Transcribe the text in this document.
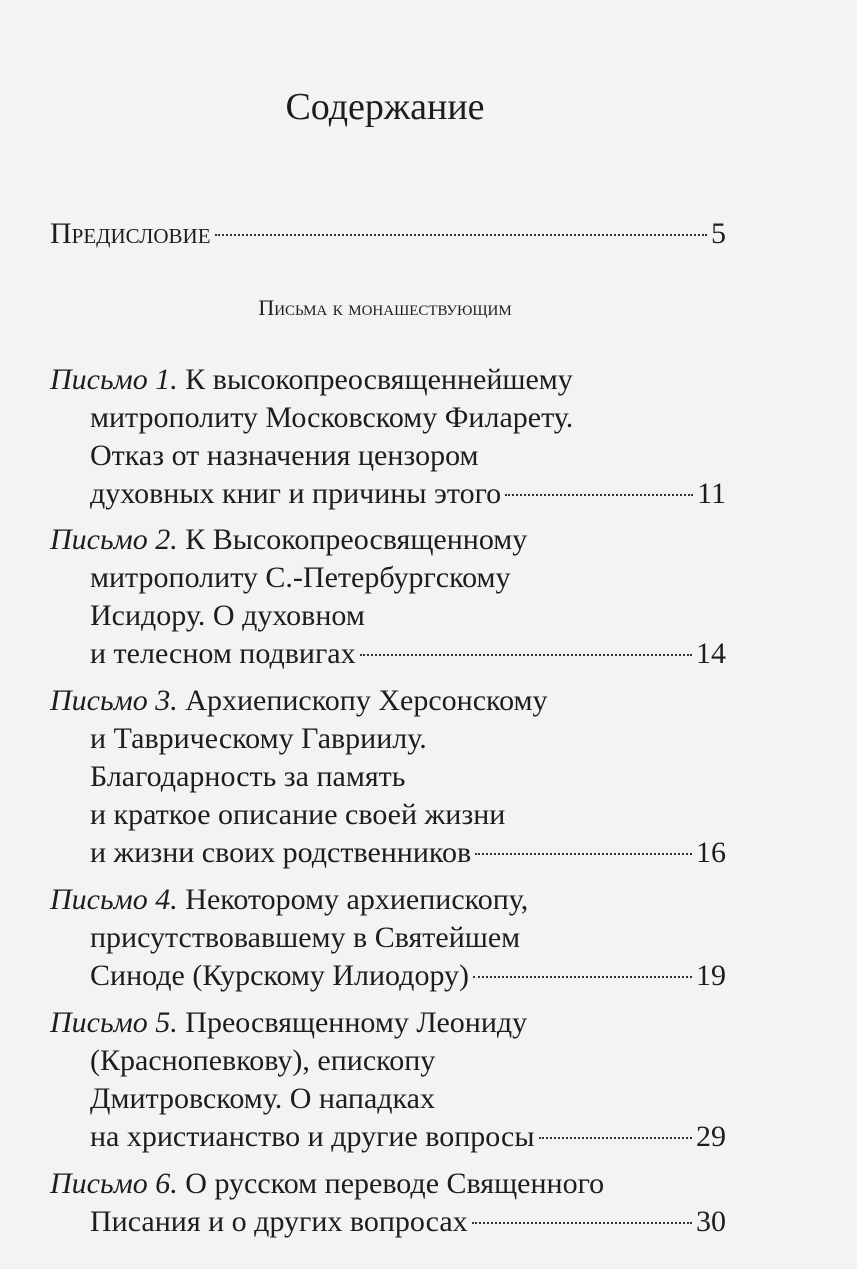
Содержание
Предисловие	5
Письма к монашествующим
Письмо 1. К высокопреосвященнейшему
митрополиту Московскому Филарету.
Отказ от назначения цензором
духовных книг и причины этого	11
Письмо 2. К Высокопреосвященному
митрополиту С.-Петербургскому
Исидору. О духовном
и телесном подвигах	14
Письмо 3. Архиепископу Херсонскому
и Таврическому Гавриилу.
Благодарность за память
и краткое описание своей жизни
и жизни своих родственников	16
Письмо 4. Некоторому архиепископу,
присутствовавшему в Святейшем
Синоде (Курскому Илиодору)	19
Письмо 5. Преосвященному Леониду
(Краснопевкову), епископу
Дмитровскому. О нападках
на христианство и другие вопросы	29
Письмо 6. О русском переводе Священного
Писания и о других вопросах	30
